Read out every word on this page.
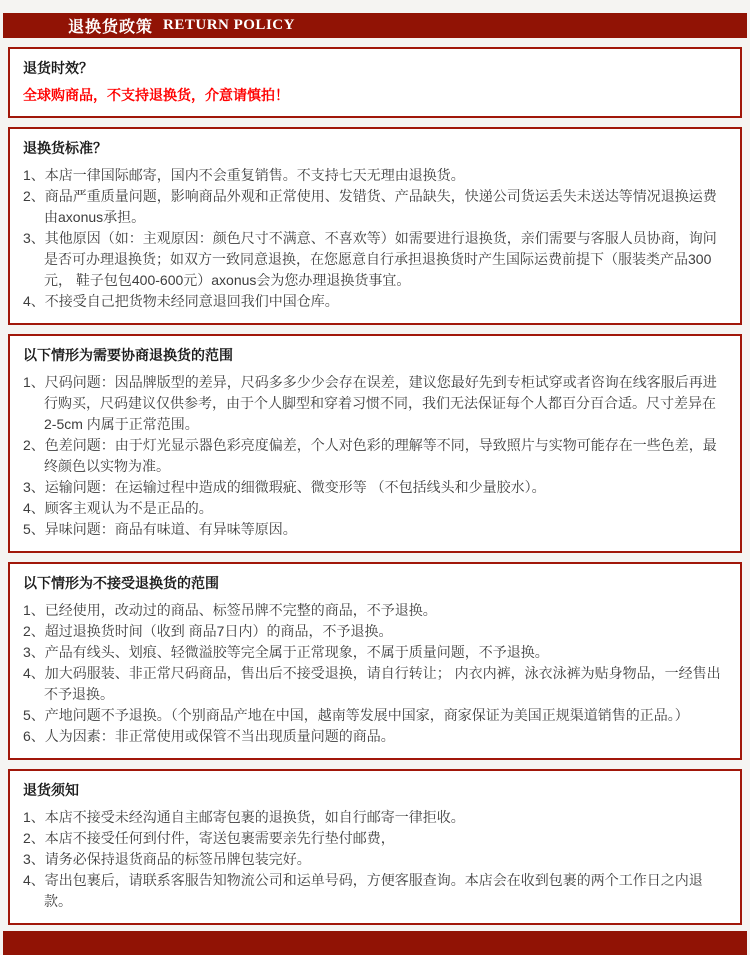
退换货政策 RETURN POLICY
退货时效？

全球购商品，不支持退换货，介意请慎拍！

退换货标准？
1、本店一律国际邮寄，国内不会重复销售。不支持七天无理由退换货。
2、商品严重质量问题，影响商品外观和正常使用、发错货、产品缺失，快递公司货运丢失未送达等情况退换运费由axonus承担。
3、其他原因（如：主观原因：颜色尺寸不满意、不喜欢等）如需要进行退换货，亲们需要与客服人员协商，询问是否可办理退换货；如双方一致同意退换，在您愿意自行承担退换货时产生国际运费前提下（服装类产品300元， 鞋子包包400-600元）axonus会为您办理退换货事宜。
4、不接受自己把货物未经同意退回我们中国仓库。
以下情形为需要协商退换货的范围
1、尺码问题：因品牌版型的差异，尺码多多少少会存在误差，建议您最好先到专柜试穿或者咨询在线客服后再进行购买，尺码建议仅供参考，由于个人脚型和穿着习惯不同，我们无法保证每个人都百分百合适。尺寸差异在2-5cm 内属于正常范围。
2、色差问题：由于灯光显示器色彩亮度偏差，个人对色彩的理解等不同，导致照片与实物可能存在一些色差，最终颜色以实物为准。
3、运输问题：在运输过程中造成的细微瑕疵、微变形等 （不包括线头和少量胶水）。
4、顾客主观认为不是正品的。
5、异味问题：商品有味道、有异味等原因。
以下情形为不接受退换货的范围
1、已经使用，改动过的商品、标签吊牌不完整的商品，不予退换。
2、超过退换货时间（收到 商品7日内）的商品，不予退换。
3、产品有线头、划痕、轻微溢胶等完全属于正常现象，不属于质量问题，不予退换。
4、加大码服装、非正常尺码商品，售出后不接受退换，请自行转让； 内衣内裤，泳衣泳裤为贴身物品，一经售出不予退换。
5、产地问题不予退换。（个别商品产地在中国，越南等发展中国家，商家保证为美国正规渠道销售的正品。）
6、人为因素：非正常使用或保管不当出现质量问题的商品。
退货须知
1、本店不接受未经沟通自主邮寄包裹的退换货，如自行邮寄一律拒收。
2、本店不接受任何到付件，寄送包裹需要亲先行垫付邮费，
3、请务必保持退货商品的标签吊牌包装完好。
4、寄出包裹后，请联系客服告知物流公司和运单号码，方便客服查询。本店会在收到包裹的两个工作日之内退款。
